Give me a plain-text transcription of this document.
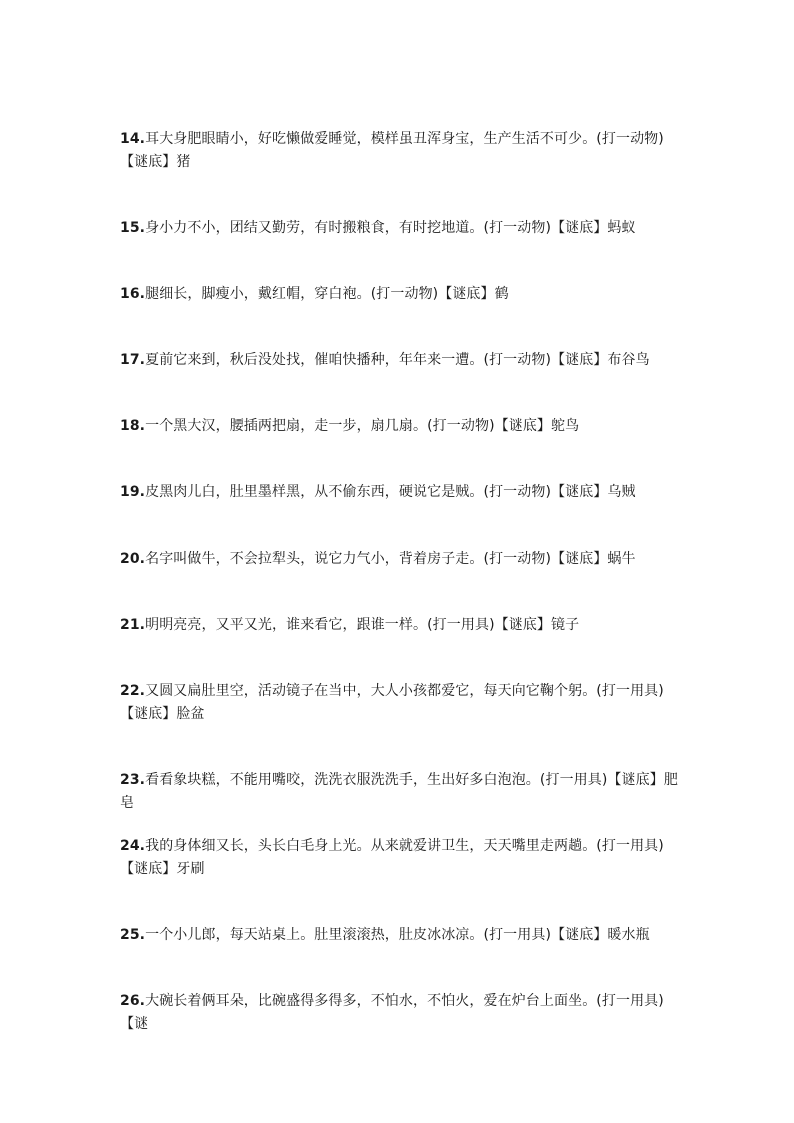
14.耳大身肥眼睛小，好吃懒做爱睡觉，模样虽丑浑身宝，生产生活不可少。(打一动物)【谜底】猪

15.身小力不小，团结又勤劳，有时搬粮食，有时挖地道。(打一动物)【谜底】蚂蚁

16.腿细长，脚瘦小，戴红帽，穿白袍。(打一动物)【谜底】鹤

17.夏前它来到，秋后没处找，催咱快播种，年年来一遭。(打一动物)【谜底】布谷鸟

18.一个黑大汉，腰插两把扇，走一步，扇几扇。(打一动物)【谜底】鸵鸟

19.皮黑肉儿白，肚里墨样黑，从不偷东西，硬说它是贼。(打一动物)【谜底】乌贼

20.名字叫做牛，不会拉犁头，说它力气小，背着房子走。(打一动物)【谜底】蜗牛

21.明明亮亮，又平又光，谁来看它，跟谁一样。(打一用具)【谜底】镜子

22.又圆又扁肚里空，活动镜子在当中，大人小孩都爱它，每天向它鞠个躬。(打一用具)【谜底】脸盆

23.看看象块糕，不能用嘴咬，洗洗衣服洗洗手，生出好多白泡泡。(打一用具)【谜底】肥皂

24.我的身体细又长，头长白毛身上光。从来就爱讲卫生，天天嘴里走两趟。(打一用具)【谜底】牙刷

25.一个小儿郎，每天站桌上。肚里滚滚热，肚皮冰冰凉。(打一用具)【谜底】暖水瓶

26.大碗长着俩耳朵，比碗盛得多得多，不怕水，不怕火，爱在炉台上面坐。(打一用具)【谜
